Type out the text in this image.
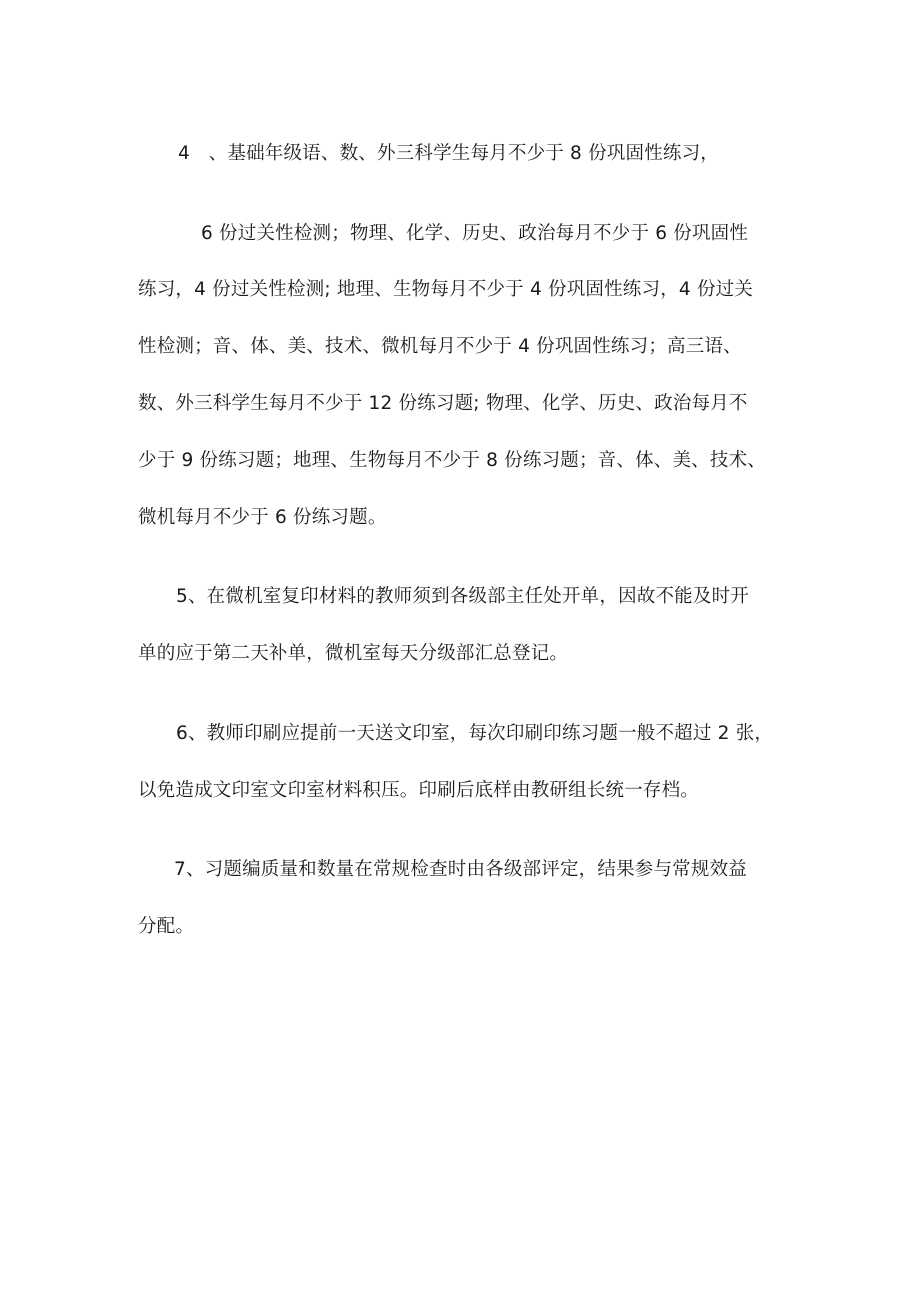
4　、基础年级语、数、外三科学生每月不少于 8 份巩固性练习，
6 份过关性检测；物理、化学、历史、政治每月不少于 6 份巩固性
练习，4 份过关性检测; 地理、生物每月不少于 4 份巩固性练习，4 份过关
性检测；音、体、美、技术、微机每月不少于 4 份巩固性练习；高三语、
数、外三科学生每月不少于 12 份练习题; 物理、化学、历史、政治每月不
少于 9 份练习题；地理、生物每月不少于 8 份练习题；音、体、美、技术、
微机每月不少于 6 份练习题。
5、在微机室复印材料的教师须到各级部主任处开单，因故不能及时开
单的应于第二天补单，微机室每天分级部汇总登记。
6、教师印刷应提前一天送文印室，每次印刷印练习题一般不超过 2 张，
以免造成文印室文印室材料积压。印刷后底样由教研组长统一存档。
7、习题编质量和数量在常规检查时由各级部评定，结果参与常规效益
分配。
